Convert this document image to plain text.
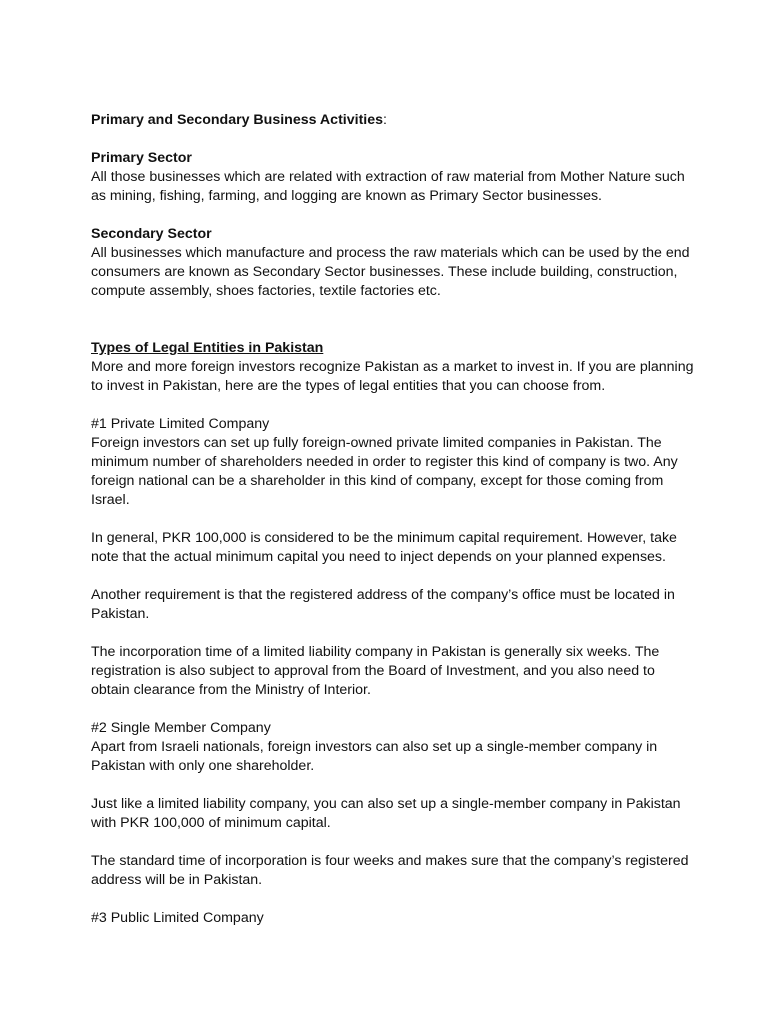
Primary and Secondary Business Activities:
Primary Sector
All those businesses which are related with extraction of raw material from Mother Nature such
as mining, fishing, farming, and logging are known as Primary Sector businesses.
Secondary Sector
All businesses which manufacture and process the raw materials which can be used by the end
consumers are known as Secondary Sector businesses. These include building, construction,
compute assembly, shoes factories, textile factories etc.
Types of Legal Entities in Pakistan
More and more foreign investors recognize Pakistan as a market to invest in. If you are planning
to invest in Pakistan, here are the types of legal entities that you can choose from.
#1 Private Limited Company
Foreign investors can set up fully foreign-owned private limited companies in Pakistan. The
minimum number of shareholders needed in order to register this kind of company is two. Any
foreign national can be a shareholder in this kind of company, except for those coming from
Israel.
In general, PKR 100,000 is considered to be the minimum capital requirement. However, take
note that the actual minimum capital you need to inject depends on your planned expenses.
Another requirement is that the registered address of the company’s office must be located in
Pakistan.
The incorporation time of a limited liability company in Pakistan is generally six weeks. The
registration is also subject to approval from the Board of Investment, and you also need to
obtain clearance from the Ministry of Interior.
#2 Single Member Company
Apart from Israeli nationals, foreign investors can also set up a single-member company in
Pakistan with only one shareholder.
Just like a limited liability company, you can also set up a single-member company in Pakistan
with PKR 100,000 of minimum capital.
The standard time of incorporation is four weeks and makes sure that the company’s registered
address will be in Pakistan.
#3 Public Limited Company
